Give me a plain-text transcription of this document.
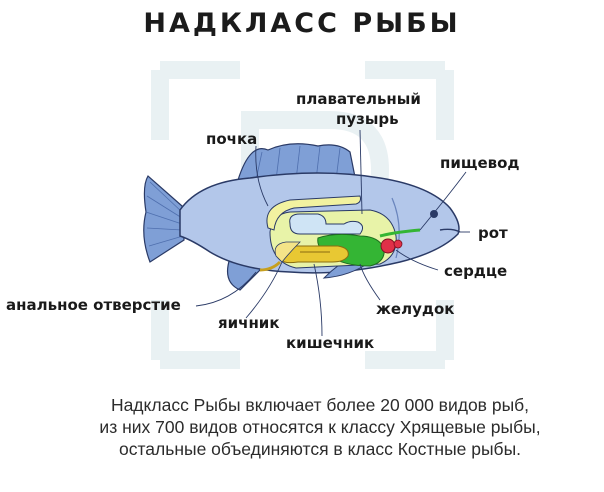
НАДКЛАСС РЫБЫ
плавательный
пузырь
почка
пищевод
рот
сердце
желудок
анальное отверстие
яичник
кишечник
Надкласс Рыбы включает более 20 000 видов рыб,
из них 700 видов относятся к классу Хрящевые рыбы,
остальные объединяются в класс Костные рыбы.
